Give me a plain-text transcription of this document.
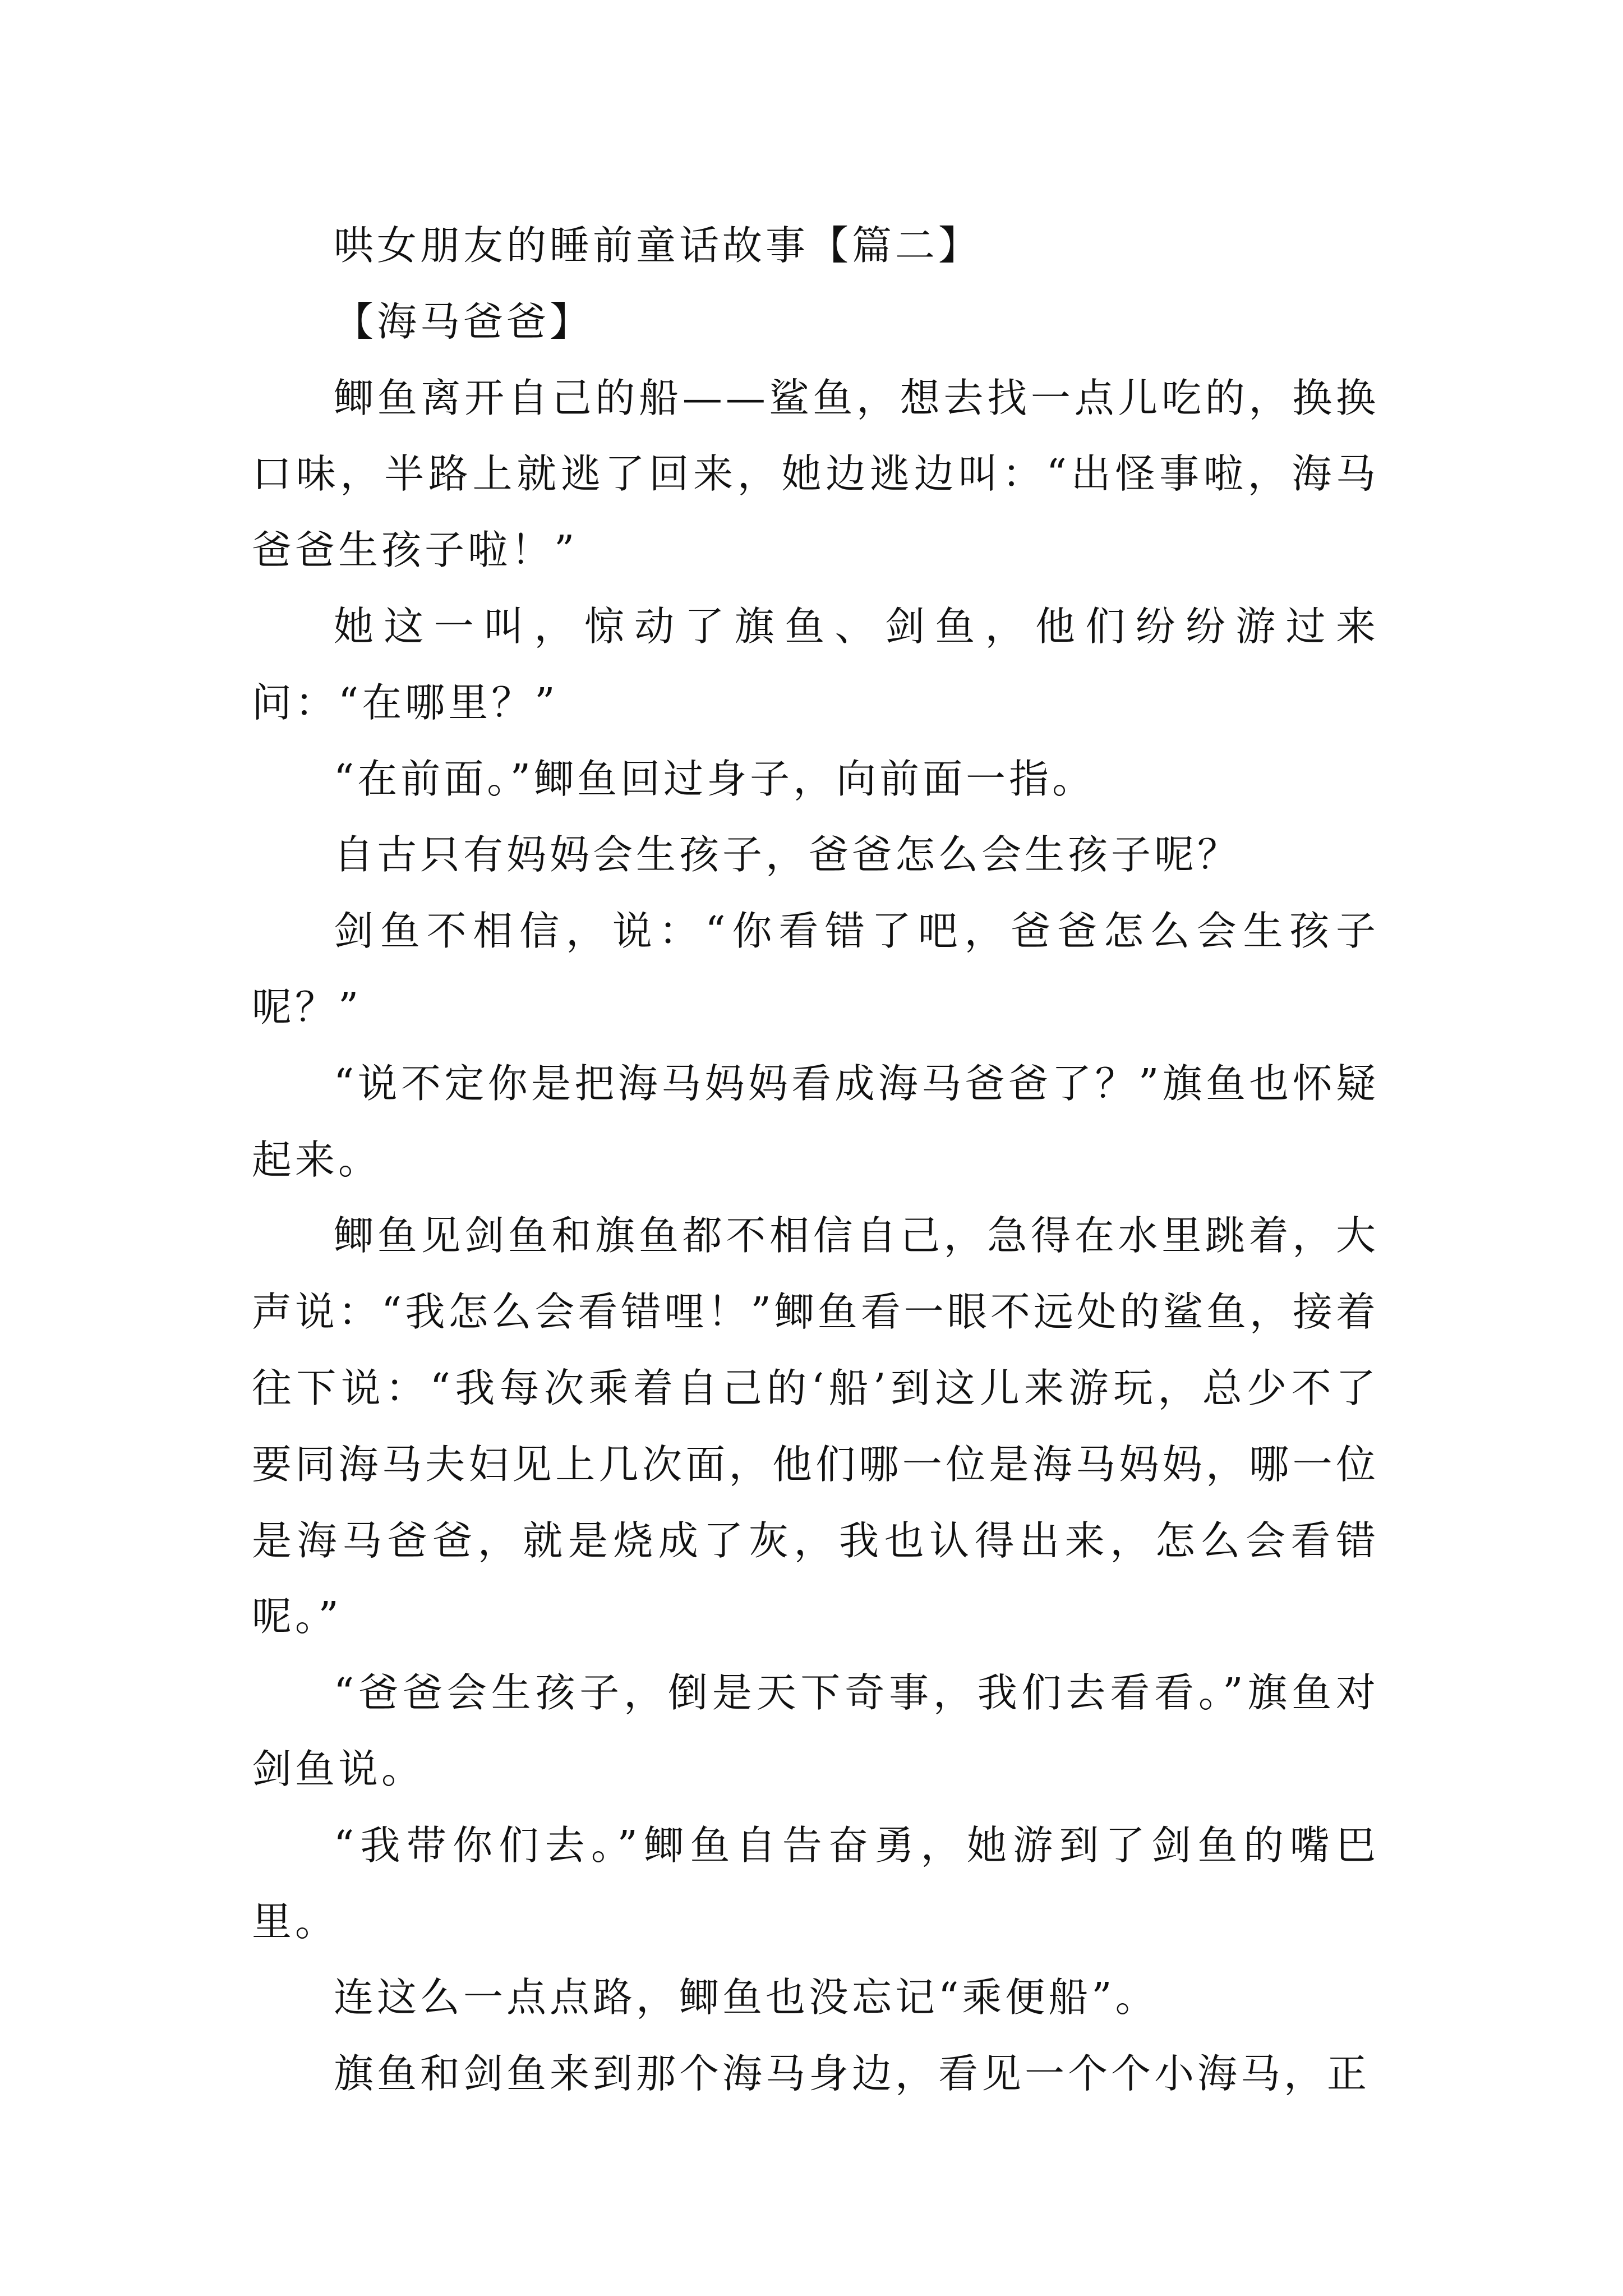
哄女朋友的睡前童话故事【篇二】

【海马爸爸】

鲫鱼离开自己的船——鲨鱼，想去找一点儿吃的，换换口味，半路上就逃了回来，她边逃边叫：“出怪事啦，海马爸爸生孩子啦！”

她这一叫，惊动了旗鱼、剑鱼，他们纷纷游过来问：“在哪里？”

“在前面。”鲫鱼回过身子，向前面一指。

自古只有妈妈会生孩子，爸爸怎么会生孩子呢？

剑鱼不相信，说：“你看错了吧，爸爸怎么会生孩子呢？”

“说不定你是把海马妈妈看成海马爸爸了？”旗鱼也怀疑起来。

鲫鱼见剑鱼和旗鱼都不相信自己，急得在水里跳着，大声说：“我怎么会看错哩！”鲫鱼看一眼不远处的鲨鱼，接着往下说：“我每次乘着自己的‘船’到这儿来游玩，总少不了要同海马夫妇见上几次面，他们哪一位是海马妈妈，哪一位是海马爸爸，就是烧成了灰，我也认得出来，怎么会看错呢。”

“爸爸会生孩子，倒是天下奇事，我们去看看。”旗鱼对剑鱼说。

“我带你们去。”鲫鱼自告奋勇，她游到了剑鱼的嘴巴里。

连这么一点点路，鲫鱼也没忘记“乘便船”。

旗鱼和剑鱼来到那个海马身边，看见一个个小海马，正
